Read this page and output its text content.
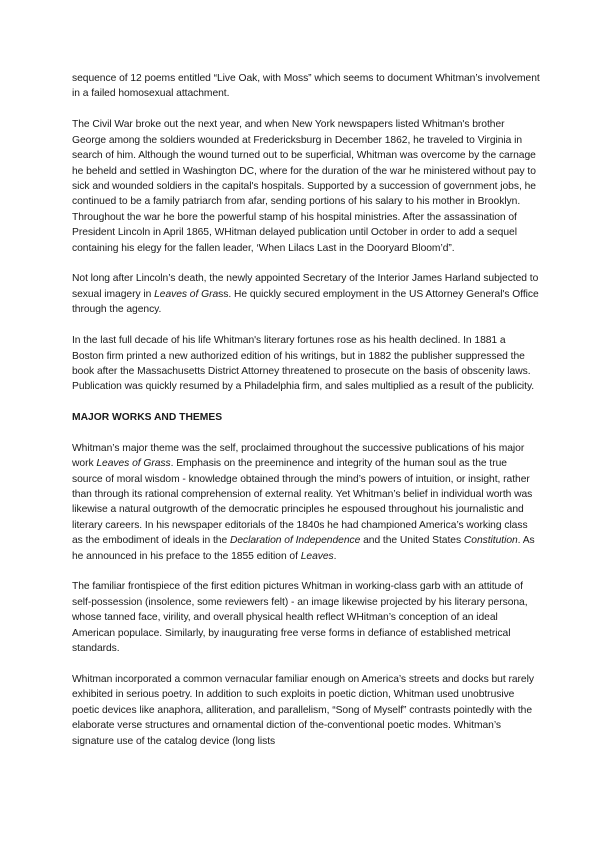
sequence of 12 poems entitled “Live Oak, with Moss” which seems to document Whitman’s involvement in a failed homosexual attachment.

The Civil War broke out the next year, and when New York newspapers listed Whitman's brother George among the soldiers wounded at Fredericksburg in December 1862, he traveled to Virginia in search of him. Although the wound turned out to be superficial, Whitman was overcome by the carnage he beheld and settled in Washington DC, where for the duration of the war he ministered without pay to sick and wounded soldiers in the capital's hospitals. Supported by a succession of government jobs, he continued to be a family patriarch from afar, sending portions of his salary to his mother in Brooklyn. Throughout the war he bore the powerful stamp of his hospital ministries. After the assassination of President Lincoln in April 1865, WHitman delayed publication until October in order to add a sequel containing his elegy for the fallen leader, ‘When Lilacs Last in the Dooryard Bloom’d”.

Not long after Lincoln’s death, the newly appointed Secretary of the Interior James Harland subjected to sexual imagery in Leaves of Grass. He quickly secured employment in the US Attorney General's Office through the agency.

In the last full decade of his life Whitman's literary fortunes rose as his health declined. In 1881 a Boston firm printed a new authorized edition of his writings, but in 1882 the publisher suppressed the book after the Massachusetts District Attorney threatened to prosecute on the basis of obscenity laws. Publication was quickly resumed by a Philadelphia firm, and sales multiplied as a result of the publicity.

MAJOR WORKS AND THEMES

Whitman’s major theme was the self, proclaimed throughout the successive publications of his major work Leaves of Grass. Emphasis on the preeminence and integrity of the human soul as the true source of moral wisdom - knowledge obtained through the mind’s powers of intuition, or insight, rather than through its rational comprehension of external reality. Yet Whitman’s belief in individual worth was likewise a natural outgrowth of the democratic principles he espoused throughout his journalistic and literary careers. In his newspaper editorials of the 1840s he had championed America’s working class as the embodiment of ideals in the Declaration of Independence and the United States Constitution. As he announced in his preface to the 1855 edition of Leaves.

The familiar frontispiece of the first edition pictures Whitman in working-class garb with an attitude of self-possession (insolence, some reviewers felt) - an image likewise projected by his literary persona, whose tanned face, virility, and overall physical health reflect WHitman’s conception of an ideal American populace. Similarly, by inaugurating free verse forms in defiance of established metrical standards.

Whitman incorporated a common vernacular familiar enough on America’s streets and docks but rarely exhibited in serious poetry. In addition to such exploits in poetic diction, Whitman used unobtrusive poetic devices like anaphora, alliteration, and parallelism, “Song of Myself” contrasts pointedly with the elaborate verse structures and ornamental diction of the-conventional poetic modes. Whitman’s signature use of the catalog device (long lists
